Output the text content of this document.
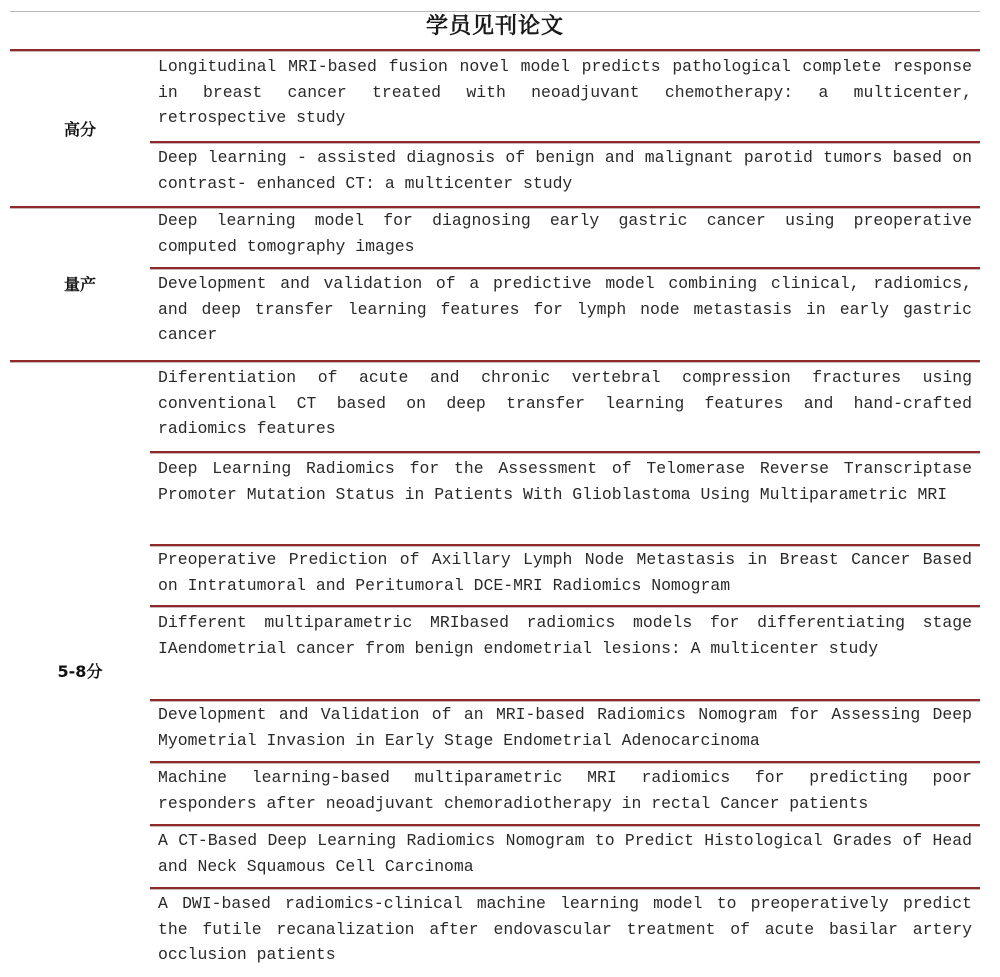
学员见刊论文
高分
量产
5-8分
Longitudinal MRI-based fusion novel model predicts pathological complete response in breast cancer treated with neoadjuvant chemotherapy: a multicenter, retrospective study
Deep learning - assisted diagnosis of benign and malignant parotid tumors based on contrast- enhanced CT: a multicenter study
Deep learning model for diagnosing early gastric cancer using preoperative computed tomography images
Development and validation of a predictive model combining clinical, radiomics, and deep transfer learning features for lymph node metastasis in early gastric cancer
Diferentiation of acute and chronic vertebral compression fractures using conventional CT based on deep transfer learning features and hand-crafted radiomics features
Deep Learning Radiomics for the Assessment of Telomerase Reverse Transcriptase Promoter Mutation Status in Patients With Glioblastoma Using Multiparametric MRI
Preoperative Prediction of Axillary Lymph Node Metastasis in Breast Cancer Based on Intratumoral and Peritumoral DCE-MRI Radiomics Nomogram
Different multiparametric MRIbased radiomics models for differentiating stage IAendometrial cancer from benign endometrial lesions: A multicenter study
Development and Validation of an MRI-based Radiomics Nomogram for Assessing Deep Myometrial Invasion in Early Stage Endometrial Adenocarcinoma
Machine learning-based multiparametric MRI radiomics for predicting poor responders after neoadjuvant chemoradiotherapy in rectal Cancer patients
A CT-Based Deep Learning Radiomics Nomogram to Predict Histological Grades of Head and Neck Squamous Cell Carcinoma
A DWI-based radiomics-clinical machine learning model to preoperatively predict the futile recanalization after endovascular treatment of acute basilar artery occlusion patients
